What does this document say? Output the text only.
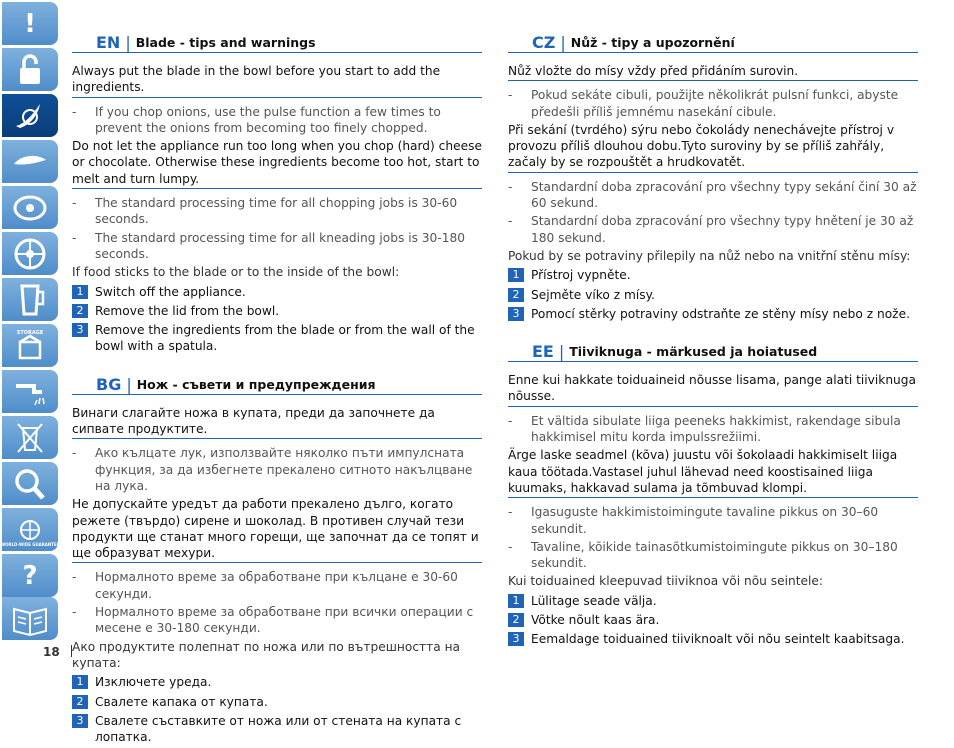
!
STORAGE
WORLD-WIDE GUARANTEE
?
EN | Blade - tips and warnings

Always put the blade in the bowl before you start to add the ingredients.

-	If you chop onions, use the pulse function a few times to prevent the onions from becoming too finely chopped.

Do not let the appliance run too long when you chop (hard) cheese or chocolate. Otherwise these ingredients become too hot, start to melt and turn lumpy.

-	The standard processing time for all chopping jobs is 30-60 seconds.
-	The standard processing time for all kneading jobs is 30-180 seconds.
If food sticks to the blade or to the inside of the bowl:
1 Switch off the appliance.
2 Remove the lid from the bowl.
3 Remove the ingredients from the blade or from the wall of the bowl with a spatula.
BG | Нож - съвети и предупреждения

Винаги слагайте ножа в купата, преди да започнете да сипвате продуктите.

-	Ако кълцате лук, използвайте няколко пъти импулсната функция, за да избегнете прекалено ситното накълцване на лука.

Не допускайте уредът да работи прекалено дълго, когато режете (твърдо) сирене и шоколад. В противен случай тези продукти ще станат много горещи, ще започнат да се топят и ще образуват мехури.

-	Нормалното време за обработване при кълцане е 30-60 секунди.
-	Нормалното време за обработване при всички операции с месене е 30-180 секунди.
Ако продуктите полепнат по ножа или по вътрешността на купата:
1 Изключете уреда.
2 Свалете капака от купата.
3 Свалете съставките от ножа или от стената на купата с лопатка.
CZ | Nůž - tipy a upozornění

Nůž vložte do mísy vždy před přidáním surovin.

-	Pokud sekáte cibuli, použijte několikrát pulsní funkci, abyste předešli příliš jemnému nasekání cibule.

Při sekání (tvrdého) sýru nebo čokolády nenechávejte přístroj v provozu příliš dlouhou dobu.Tyto suroviny by se příliš zahřály, začaly by se rozpouštět a hrudkovatět.

-	Standardní doba zpracování pro všechny typy sekání činí 30 až 60 sekund.
-	Standardní doba zpracování pro všechny typy hnětení je 30 až 180 sekund.
Pokud by se potraviny přilepily na nůž nebo na vnitřní stěnu mísy:
1 Přístroj vypněte.
2 Sejměte víko z mísy.
3 Pomocí stěrky potraviny odstraňte ze stěny mísy nebo z nože.
EE | Tiiviknuga - märkused ja hoiatused

Enne kui hakkate toiduaineid nõusse lisama, pange alati tiiviknuga nõusse.

-	Et vältida sibulate liiga peeneks hakkimist, rakendage sibula hakkimisel mitu korda impulssrežiimi.

Ärge laske seadmel (kõva) juustu või šokolaadi hakkimiselt liiga kaua töötada.Vastasel juhul lähevad need koostisained liiga kuumaks, hakkavad sulama ja tõmbuvad klompi.

-	Igasuguste hakkimistoimingute tavaline pikkus on 30–60 sekundit.
-	Tavaline, kõikide tainasõtkumistoimingute pikkus on 30–180 sekundit.
Kui toiduained kleepuvad tiiviknoa või nõu seintele:
1 Lülitage seade välja.
2 Võtke nõult kaas ära.
3 Eemaldage toiduained tiiviknoalt või nõu seintelt kaabitsaga.
18
